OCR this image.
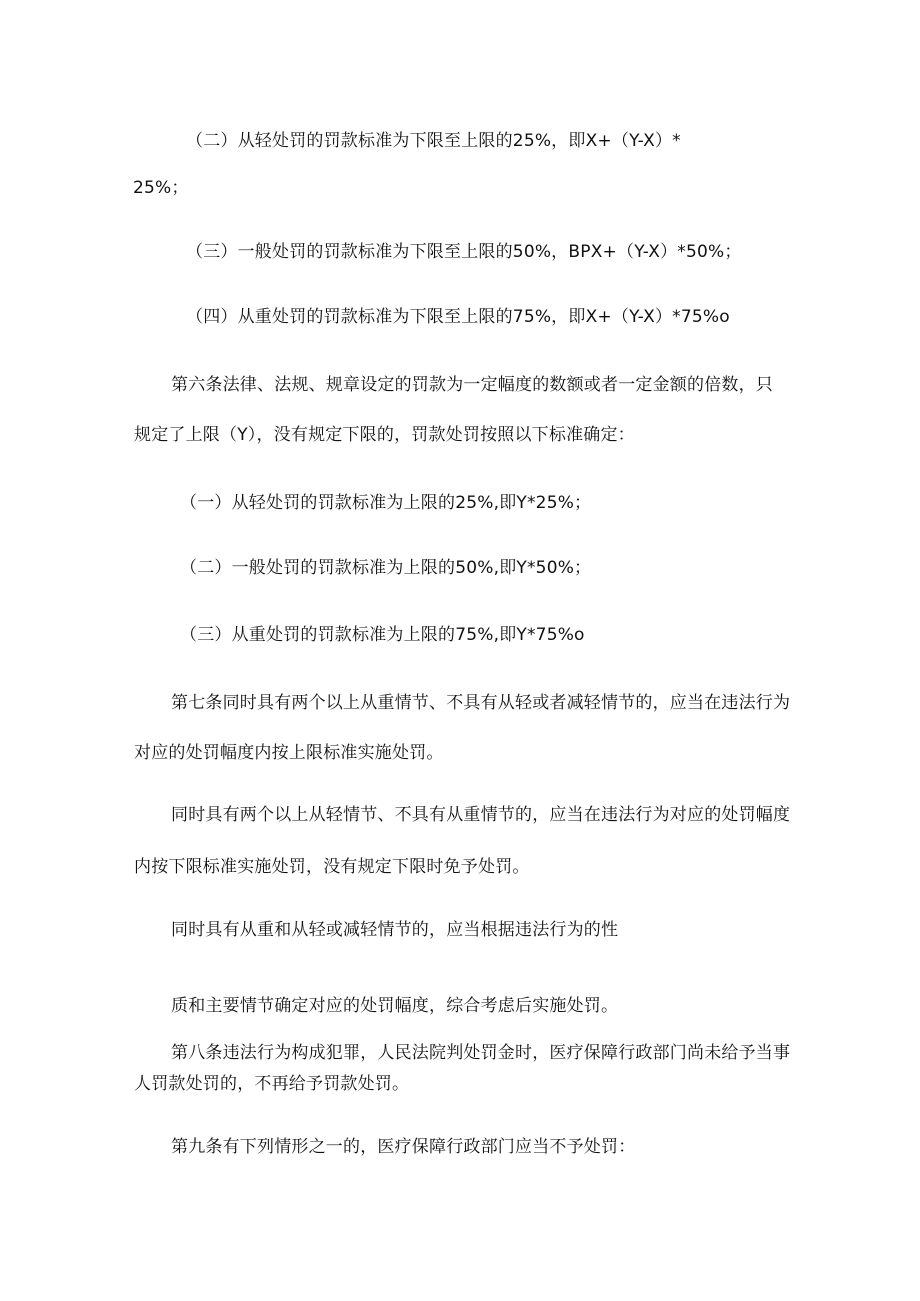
（二）从轻处罚的罚款标准为下限至上限的25%，即X+（Y-X）*

25%；

（三）一般处罚的罚款标准为下限至上限的50%，BPX+（Y-X）*50%；

（四）从重处罚的罚款标准为下限至上限的75%，即X+（Y-X）*75%o

第六条法律、法规、规章设定的罚款为一定幅度的数额或者一定金额的倍数，只

规定了上限（Y），没有规定下限的，罚款处罚按照以下标准确定：

（一）从轻处罚的罚款标准为上限的25%,即Y*25%；

（二）一般处罚的罚款标准为上限的50%,即Y*50%；

（三）从重处罚的罚款标准为上限的75%,即Y*75%o

第七条同时具有两个以上从重情节、不具有从轻或者减轻情节的，应当在违法行为

对应的处罚幅度内按上限标准实施处罚。

同时具有两个以上从轻情节、不具有从重情节的，应当在违法行为对应的处罚幅度

内按下限标准实施处罚，没有规定下限时免予处罚。

同时具有从重和从轻或减轻情节的，应当根据违法行为的性

质和主要情节确定对应的处罚幅度，综合考虑后实施处罚。

第八条违法行为构成犯罪，人民法院判处罚金时，医疗保障行政部门尚未给予当事

人罚款处罚的，不再给予罚款处罚。

第九条有下列情形之一的，医疗保障行政部门应当不予处罚：
